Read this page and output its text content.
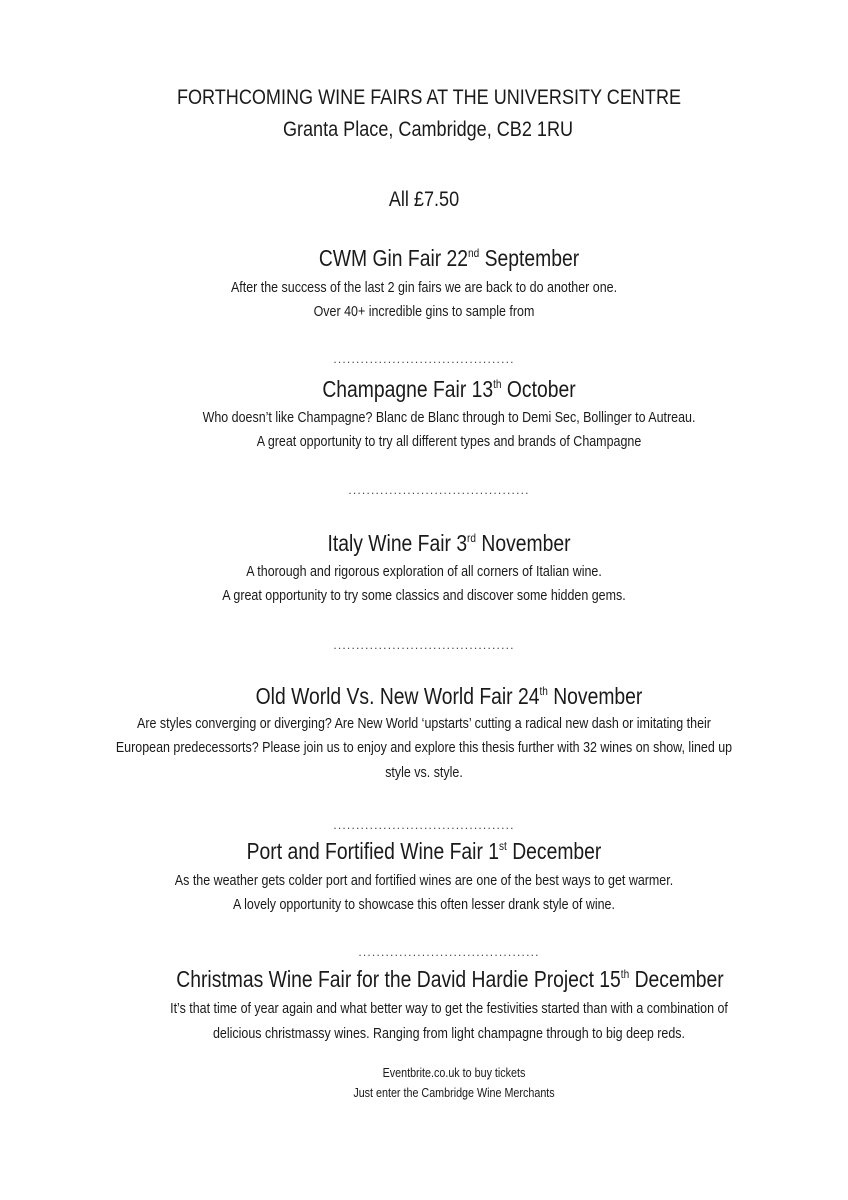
FORTHCOMING WINE FAIRS AT THE UNIVERSITY CENTRE
Granta Place, Cambridge, CB2 1RU
All £7.50
CWM Gin Fair 22nd September
After the success of the last 2 gin fairs we are back to do another one.
Over 40+ incredible gins to sample from
........................................
Champagne Fair 13th October
Who doesn’t like Champagne? Blanc de Blanc through to Demi Sec, Bollinger to Autreau.
A great opportunity to try all different types and brands of Champagne
........................................
Italy Wine Fair 3rd November
A thorough and rigorous exploration of all corners of Italian wine.
A great opportunity to try some classics and discover some hidden gems.
........................................
Old World Vs. New World Fair 24th November
Are styles converging or diverging? Are New World ‘upstarts’ cutting a radical new dash or imitating their
European predecessorts? Please join us to enjoy and explore this thesis further with 32 wines on show, lined up
style vs. style.
........................................
Port and Fortified Wine Fair 1st December
As the weather gets colder port and fortified wines are one of the best ways to get warmer.
A lovely opportunity to showcase this often lesser drank style of wine.
........................................
Christmas Wine Fair for the David Hardie Project 15th December
It’s that time of year again and what better way to get the festivities started than with a combination of
delicious christmassy wines. Ranging from light champagne through to big deep reds.
Eventbrite.co.uk to buy tickets
Just enter the Cambridge Wine Merchants
